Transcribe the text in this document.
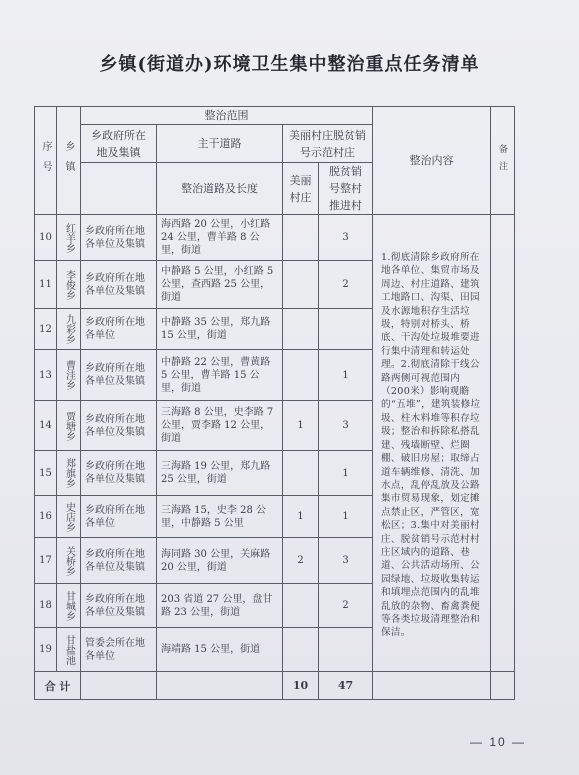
乡镇(街道办)环境卫生集中整治重点任务清单
序号	乡镇	整治范围				整治内容	备注

		乡政府所在地及集镇	主干道路	美丽村庄脱贫销号示范村庄			
			整治道路及长度	美丽村庄	脱贫销号整村推进村		
10	红羊乡	乡政府所在地各单位及集镇	海西路 20 公里，小红路 24 公里，曹羊路 8 公里，街道		3	1.彻底清除乡政府所在地各单位、集贸市场及周边、村庄道路、建筑工地路口、沟渠、田园及水源地积存生活垃圾，特别对桥头、桥底、干沟处垃圾堆要进行集中清理和转运处理。2.彻底清除干线公路两侧可视范围内（200米）影响观瞻的“五堆”，建筑装修垃圾、柱木料堆等积存垃圾；整治和拆除私搭乱建、残墙断壁、烂圈棚、破旧房屋；取缔占道车辆维修、清洗、加水点，乱停乱放及公路集市贸易现象，划定摊点禁止区，严管区，宽松区；3.集中对美丽村庄、脱贫销号示范村村庄区域内的道路、巷道、公共活动场所、公园绿地、垃圾收集转运和填埋点范围内的乱堆乱放的杂物、畜禽粪便等各类垃圾清理整治和保洁。	
11	李俊乡	乡政府所在地各单位及集镇	中静路 5 公里，小红路 5 公里，查西路 25 公里，街道		2		
12	九彩乡	乡政府所在地各单位	中静路 35 公里，郑九路 15 公里，街道				
13	曹洼乡	乡政府所在地各单位及集镇	中静路 22 公里，曹黄路 5 公里，曹羊路 15 公里，街道		1		
14	贾塘乡	乡政府所在地各单位及集镇	三海路 8 公里，史李路 7 公里，贾李路 12 公里，街道	1	3		
15	郑旗乡	乡政府所在地各单位及集镇	三海路 19 公里，郑九路 25 公里，街道		1		
16	史店乡	乡政府所在地各单位	三海路 15，史李 28 公里，中静路 5 公里	1	1		
17	关桥乡	乡政府所在地各单位及集镇	海同路 30 公里，关麻路 20 公里，街道	2	3		
18	甘城乡	乡政府所在地各单位及集镇	203 省道 27 公里，盘甘路 23 公里，街道		2		
19	甘盐池	管委会所在地各单位	海靖路 15 公里，街道				
合 计				10	47		
— 10 —
